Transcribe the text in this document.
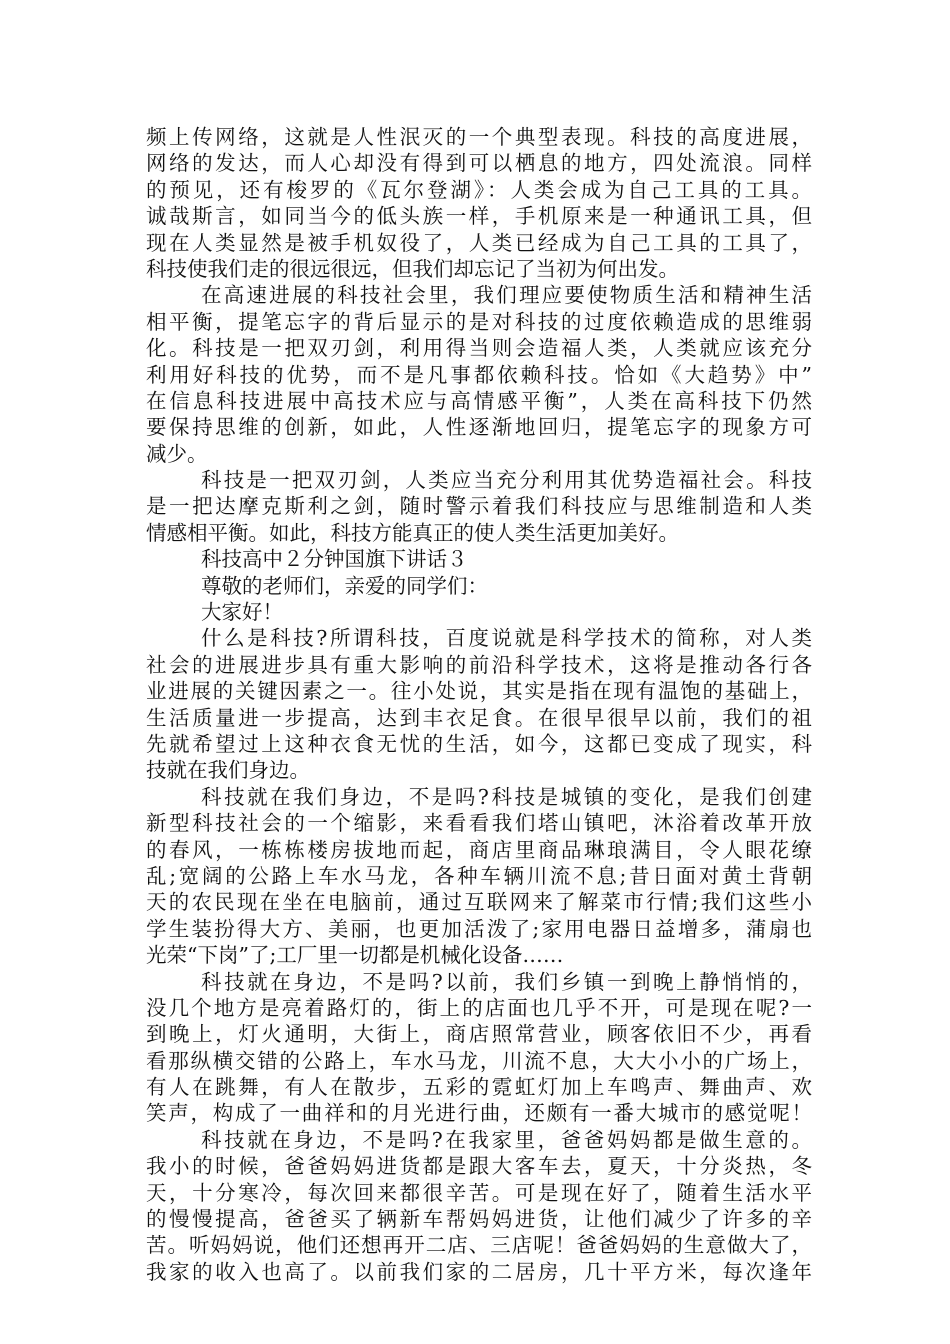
频上传网络，这就是人性泯灭的一个典型表现。科技的高度进展，
网络的发达，而人心却没有得到可以栖息的地方，四处流浪。同样
的预见，还有梭罗的《瓦尔登湖》：人类会成为自己工具的工具。
诚哉斯言，如同当今的低头族一样，手机原来是一种通讯工具，但
现在人类显然是被手机奴役了，人类已经成为自己工具的工具了，
科技使我们走的很远很远，但我们却忘记了当初为何出发。
在高速进展的科技社会里，我们理应要使物质生活和精神生活
相平衡，提笔忘字的背后显示的是对科技的过度依赖造成的思维弱
化。科技是一把双刃剑，利用得当则会造福人类，人类就应该充分
利用好科技的优势，而不是凡事都依赖科技。恰如《大趋势》中”
在信息科技进展中高技术应与高情感平衡”，人类在高科技下仍然
要保持思维的创新，如此，人性逐渐地回归，提笔忘字的现象方可
减少。
科技是一把双刃剑，人类应当充分利用其优势造福社会。科技
是一把达摩克斯利之剑，随时警示着我们科技应与思维制造和人类
情感相平衡。如此，科技方能真正的使人类生活更加美好。
科技高中２分钟国旗下讲话３
尊敬的老师们，亲爱的同学们：
大家好！
什么是科技?所谓科技，百度说就是科学技术的简称，对人类
社会的进展进步具有重大影响的前沿科学技术，这将是推动各行各
业进展的关键因素之一。往小处说，其实是指在现有温饱的基础上，
生活质量进一步提高，达到丰衣足食。在很早很早以前，我们的祖
先就希望过上这种衣食无忧的生活，如今，这都已变成了现实，科
技就在我们身边。
科技就在我们身边，不是吗?科技是城镇的变化，是我们创建
新型科技社会的一个缩影，来看看我们塔山镇吧，沐浴着改革开放
的春风，一栋栋楼房拔地而起，商店里商品琳琅满目，令人眼花缭
乱;宽阔的公路上车水马龙，各种车辆川流不息;昔日面对黄土背朝
天的农民现在坐在电脑前，通过互联网来了解菜市行情;我们这些小
学生装扮得大方、美丽，也更加活泼了;家用电器日益增多，蒲扇也
光荣“下岗”了;工厂里一切都是机械化设备……
科技就在身边，不是吗?以前，我们乡镇一到晚上静悄悄的，
没几个地方是亮着路灯的，街上的店面也几乎不开，可是现在呢?一
到晚上，灯火通明，大街上，商店照常营业，顾客依旧不少，再看
看那纵横交错的公路上，车水马龙，川流不息，大大小小的广场上，
有人在跳舞，有人在散步，五彩的霓虹灯加上车鸣声、舞曲声、欢
笑声，构成了一曲祥和的月光进行曲，还颇有一番大城市的感觉呢！
科技就在身边，不是吗?在我家里，爸爸妈妈都是做生意的。
我小的时候，爸爸妈妈进货都是跟大客车去，夏天，十分炎热，冬
天，十分寒冷，每次回来都很辛苦。可是现在好了，随着生活水平
的慢慢提高，爸爸买了辆新车帮妈妈进货，让他们减少了许多的辛
苦。听妈妈说，他们还想再开二店、三店呢！爸爸妈妈的生意做大了，
我家的收入也高了。以前我们家的二居房，几十平方米，每次逢年
